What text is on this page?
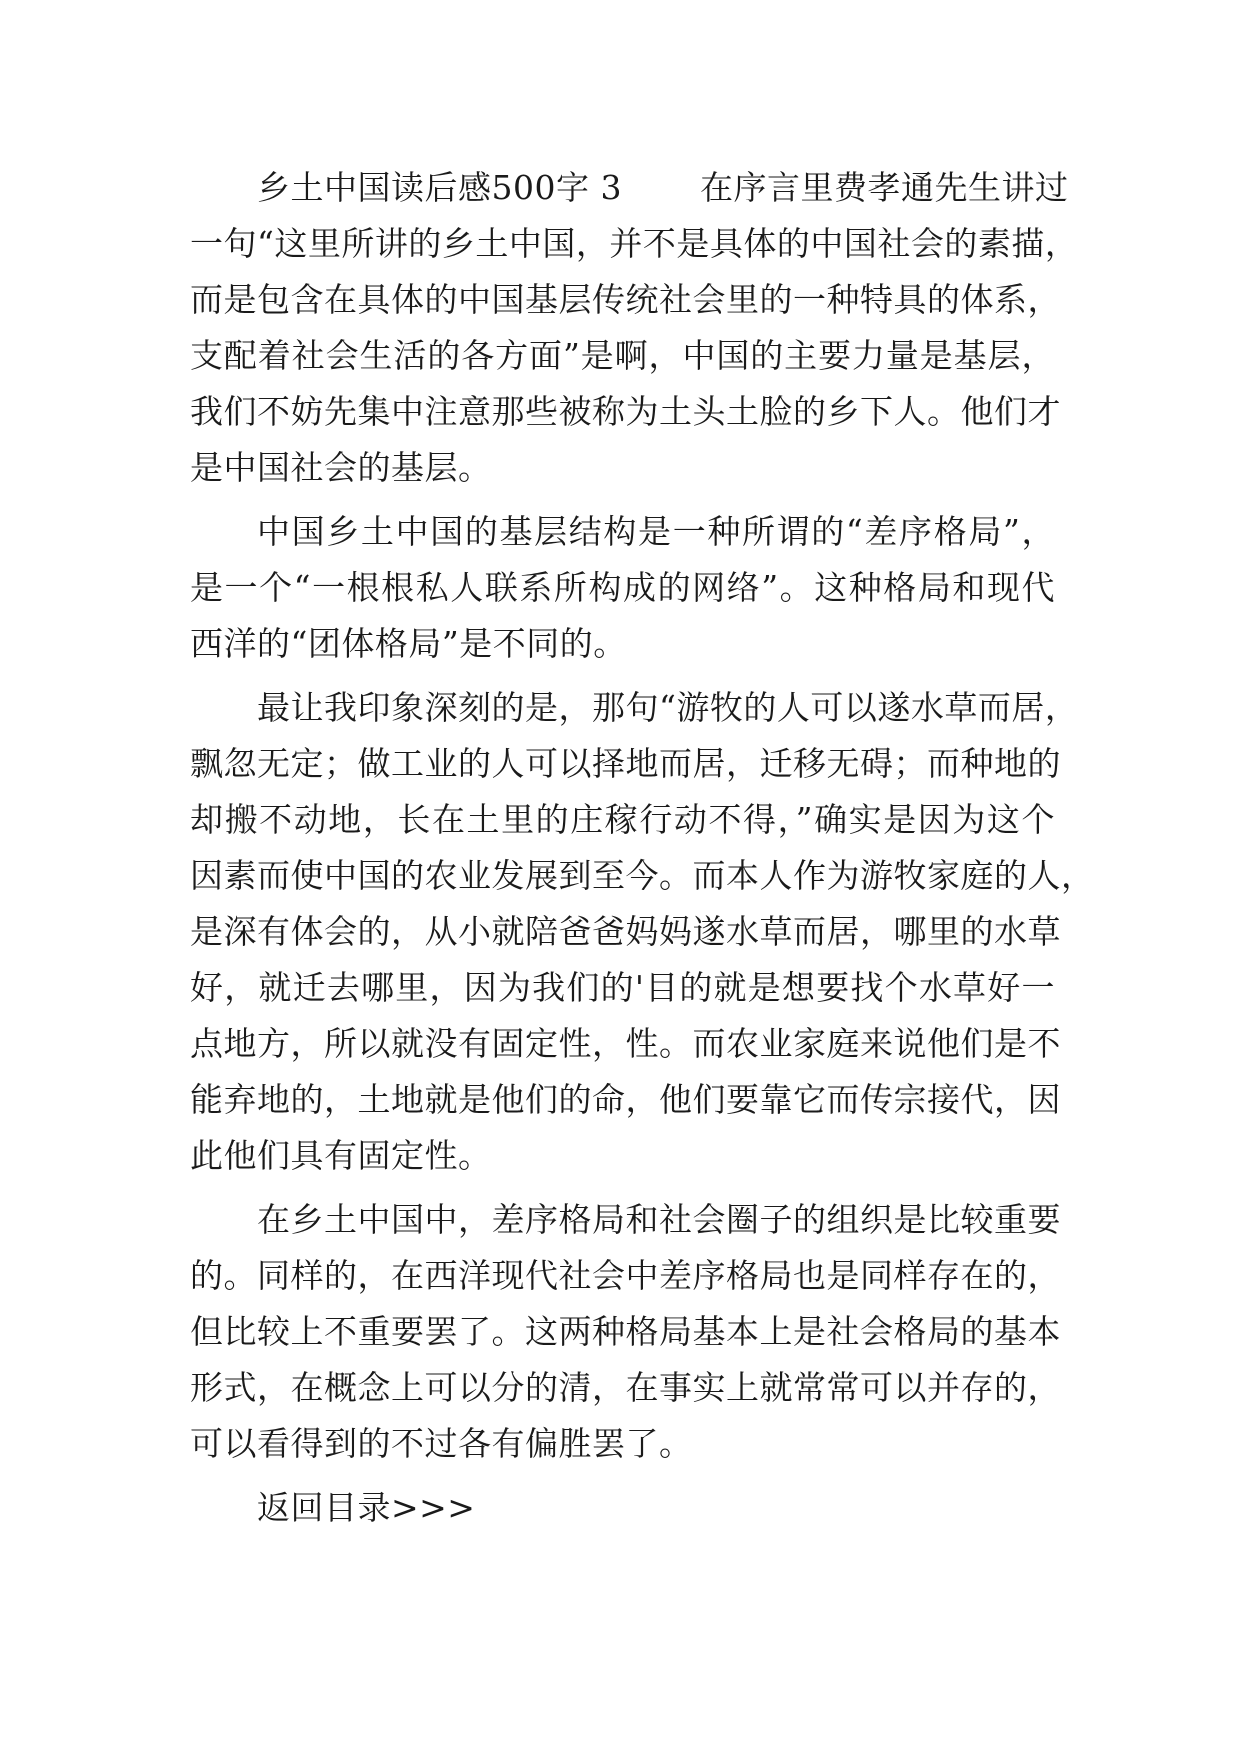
乡土中国读后感500字 3 　　在序言里费孝通先生讲过
一句“这里所讲的乡土中国，并不是具体的中国社会的素描，
而是包含在具体的中国基层传统社会里的一种特具的体系，
支配着社会生活的各方面”是啊，中国的主要力量是基层，
我们不妨先集中注意那些被称为土头土脸的乡下人。他们才
是中国社会的基层。
中国乡土中国的基层结构是一种所谓的“差序格局”，
是一个“一根根私人联系所构成的网络”。这种格局和现代
西洋的“团体格局”是不同的。
最让我印象深刻的是，那句“游牧的人可以遂水草而居，
飘忽无定；做工业的人可以择地而居，迁移无碍；而种地的
却搬不动地，长在土里的庄稼行动不得，”确实是因为这个
因素而使中国的农业发展到至今。而本人作为游牧家庭的人，
是深有体会的，从小就陪爸爸妈妈遂水草而居，哪里的水草
好，就迁去哪里，因为我们的'目的就是想要找个水草好一
点地方，所以就没有固定性，性。而农业家庭来说他们是不
能弃地的，土地就是他们的命，他们要靠它而传宗接代，因
此他们具有固定性。
在乡土中国中，差序格局和社会圈子的组织是比较重要
的。同样的，在西洋现代社会中差序格局也是同样存在的，
但比较上不重要罢了。这两种格局基本上是社会格局的基本
形式，在概念上可以分的清，在事实上就常常可以并存的，
可以看得到的不过各有偏胜罢了。
返回目录>>>
